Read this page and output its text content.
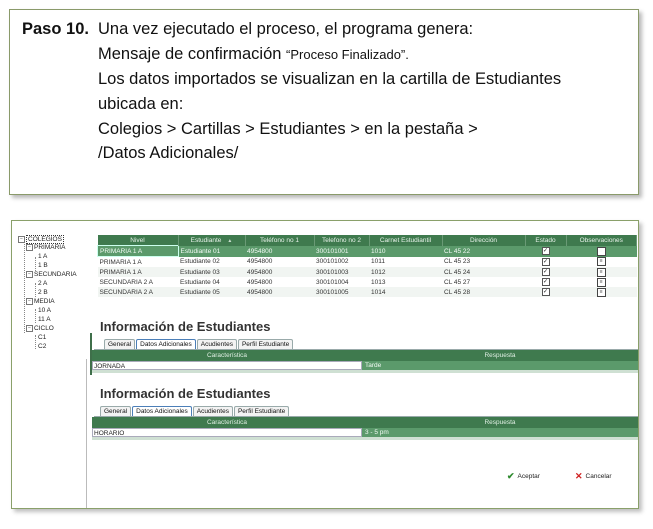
Paso 10. Una vez ejecutado el proceso, el programa genera:
Mensaje de confirmación “Proceso Finalizado”.
Los datos importados se visualizan en la cartilla de Estudiantes
ubicada en:
Colegios > Cartillas > Estudiantes > en la pestaña >
/Datos Adicionales/
− COLEGIOS
− PRIMARIA
1 A
1 B
− SECUNDARIA
2 A
2 B
− MEDIA
10 A
11 A
− CICLO
C1
C2
Nivel	Estudiante ▲	Teléfono no 1	Telefono no 2	Carnet Estudiantil	Dirección	Estado	Observaciones
PRIMARIA 1 A	Estudiante 01	4954800	300101001	1010	CL 45 22	✓	≡
PRIMARIA 1 A	Estudiante 02	4954800	300101002	1011	CL 45 23	✓	≡
PRIMARIA 1 A	Estudiante 03	4954800	300101003	1012	CL 45 24	✓	≡
SECUNDARIA 2 A	Estudiante 04	4954800	300101004	1013	CL 45 27	✓	≡
SECUNDARIA 2 A	Estudiante 05	4954800	300101005	1014	CL 45 28	✓	≡
Información de Estudiantes
General	Datos Adicionales	Acudientes	Perfil Estudiante
Característica	Respuesta
JORNADA	Tarde
Información de Estudiantes
General	Datos Adicionales	Acudientes	Perfil Estudiante
Característica	Respuesta
HORARIO	3 - 5 pm
✔ Aceptar	✕ Cancelar
